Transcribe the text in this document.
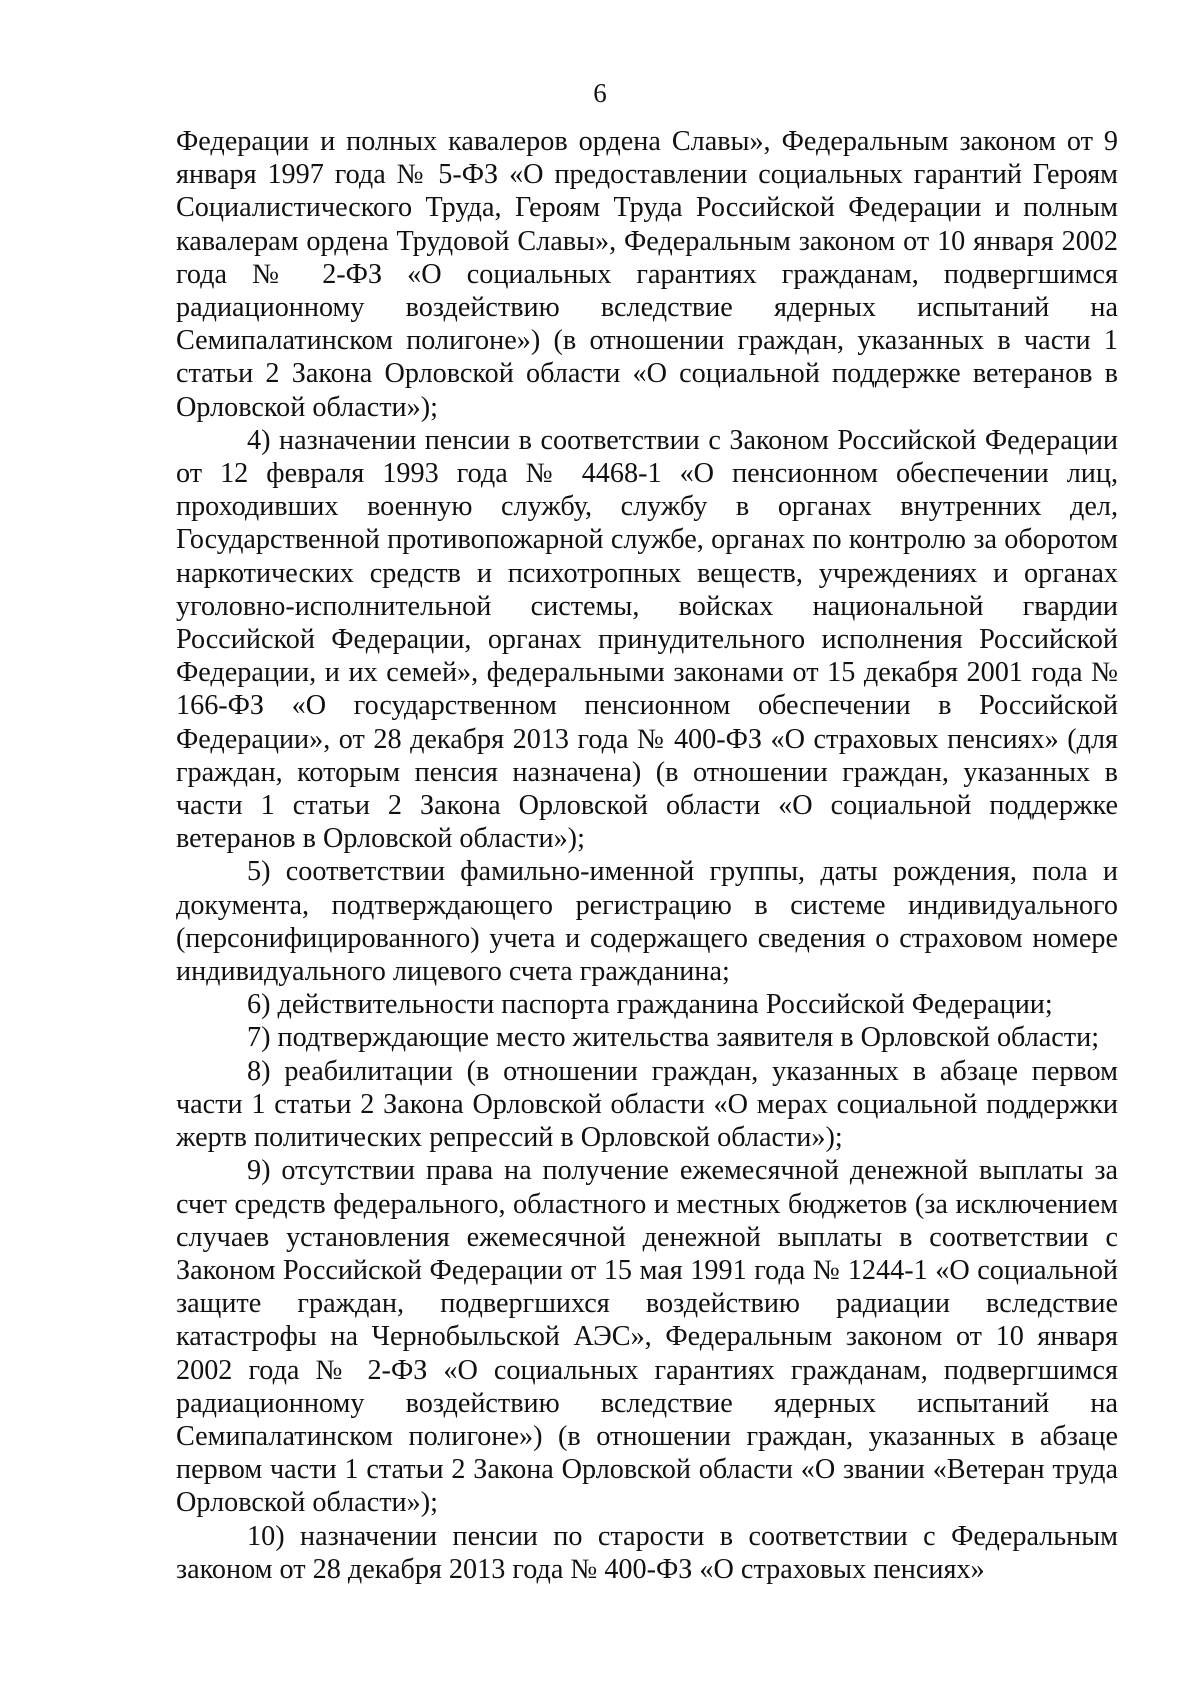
6

Федерации и полных кавалеров ордена Славы», Федеральным законом от 9 января 1997 года № 5-ФЗ «О предоставлении социальных гарантий Героям Социалистического Труда, Героям Труда Российской Федерации и полным кавалерам ордена Трудовой Славы», Федеральным законом от 10 января 2002 года № 2-ФЗ «О социальных гарантиях гражданам, подвергшимся радиационному воздействию вследствие ядерных испытаний на Семипалатинском полигоне») (в отношении граждан, указанных в части 1 статьи 2 Закона Орловской области «О социальной поддержке ветеранов в Орловской области»);

4) назначении пенсии в соответствии с Законом Российской Федерации от 12 февраля 1993 года № 4468-1 «О пенсионном обеспечении лиц, проходивших военную службу, службу в органах внутренних дел, Государственной противопожарной службе, органах по контролю за оборотом наркотических средств и психотропных веществ, учреждениях и органах уголовно-исполнительной системы, войсках национальной гвардии Российской Федерации, органах принудительного исполнения Российской Федерации, и их семей», федеральными законами от 15 декабря 2001 года № 166-ФЗ «О государственном пенсионном обеспечении в Российской Федерации», от 28 декабря 2013 года № 400-ФЗ «О страховых пенсиях» (для граждан, которым пенсия назначена) (в отношении граждан, указанных в части 1 статьи 2 Закона Орловской области «О социальной поддержке ветеранов в Орловской области»);

5) соответствии фамильно-именной группы, даты рождения, пола и документа, подтверждающего регистрацию в системе индивидуального (персонифицированного) учета и содержащего сведения о страховом номере индивидуального лицевого счета гражданина;

6) действительности паспорта гражданина Российской Федерации;

7) подтверждающие место жительства заявителя в Орловской области;

8) реабилитации (в отношении граждан, указанных в абзаце первом части 1 статьи 2 Закона Орловской области «О мерах социальной поддержки жертв политических репрессий в Орловской области»);

9) отсутствии права на получение ежемесячной денежной выплаты за счет средств федерального, областного и местных бюджетов (за исключением случаев установления ежемесячной денежной выплаты в соответствии с Законом Российской Федерации от 15 мая 1991 года № 1244-1 «О социальной защите граждан, подвергшихся воздействию радиации вследствие катастрофы на Чернобыльской АЭС», Федеральным законом от 10 января 2002 года № 2-ФЗ «О социальных гарантиях гражданам, подвергшимся радиационному воздействию вследствие ядерных испытаний на Семипалатинском полигоне») (в отношении граждан, указанных в абзаце первом части 1 статьи 2 Закона Орловской области «О звании «Ветеран труда Орловской области»);

10) назначении пенсии по старости в соответствии с Федеральным законом от 28 декабря 2013 года № 400-ФЗ «О страховых пенсиях»
